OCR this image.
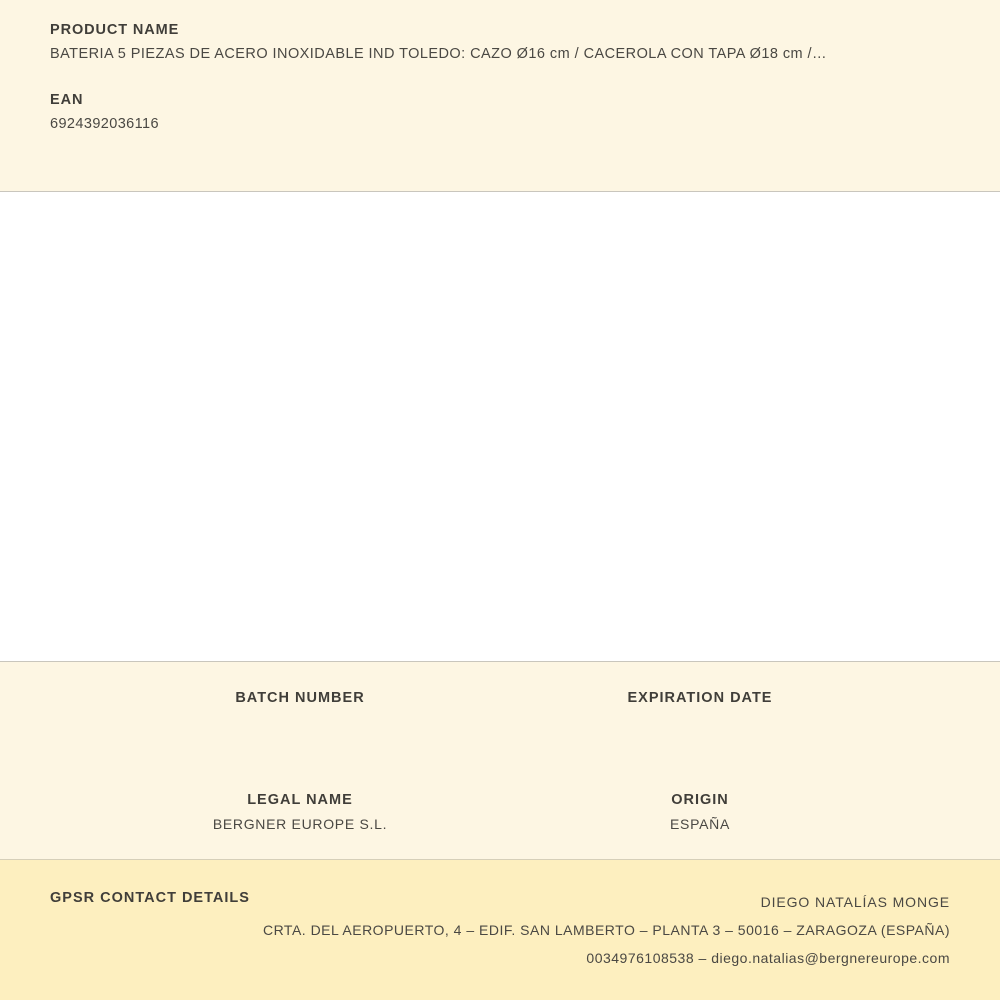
PRODUCT NAME

BATERIA 5 PIEZAS DE ACERO INOXIDABLE IND TOLEDO: CAZO Ø16 cm / CACEROLA CON TAPA Ø18 cm /…

EAN

6924392036116

BATCH NUMBER	EXPIRATION DATE

LEGAL NAME

BERGNER EUROPE S.L.

ORIGIN

ESPAÑA

GPSR CONTACT DETAILS	DIEGO NATALÍAS MONGE
CRTA. DEL AEROPUERTO, 4 – EDIF. SAN LAMBERTO – PLANTA 3 – 50016 – ZARAGOZA (ESPAÑA)
0034976108538 – diego.natalias@bergnereurope.com
